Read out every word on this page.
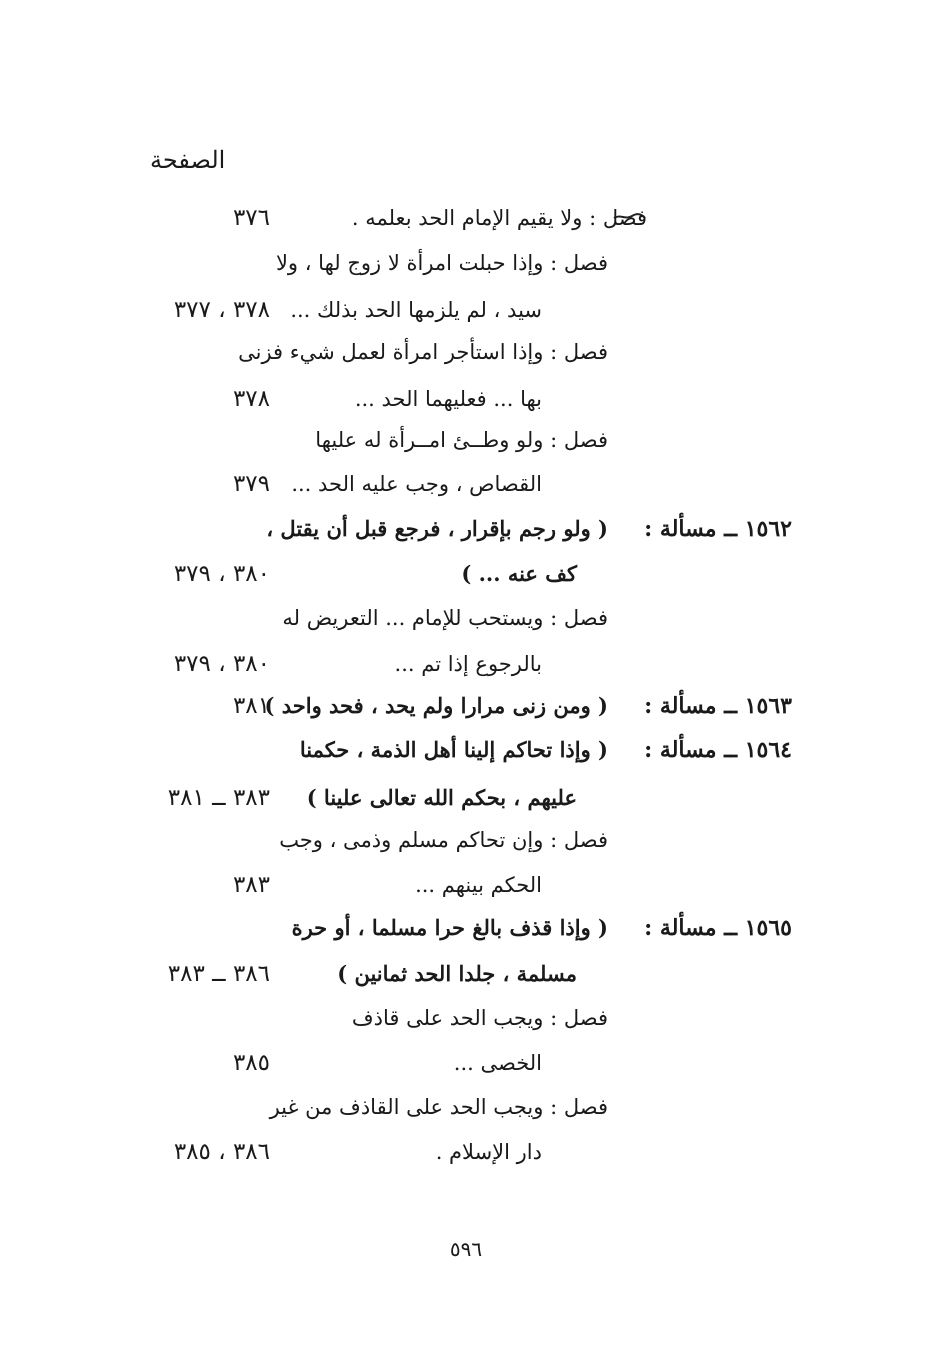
الصفحة
فصل : ولا يقيم الإمام الحد بعلمه .
٣٧٦
فصل : وإذا حبلت امرأة لا زوج لها ، ولا
سيد ، لم يلزمها الحد بذلك ...
٣٧٨ ، ٣٧٧
فصل : وإذا استأجر امرأة لعمل شيء فزنى
بها ... فعليهما الحد ...
٣٧٨
فصل : ولو وطــئ امــرأة له عليها
القصاص ، وجب عليه الحد ...
٣٧٩
١٥٦٢ ــ مسألة :
( ولو رجم بإقرار ، فرجع قبل أن يقتل ،
كف عنه ... )
٣٨٠ ، ٣٧٩
فصل : ويستحب للإمام ... التعريض له
بالرجوع إذا تم ...
٣٨٠ ، ٣٧٩
١٥٦٣ ــ مسألة :
( ومن زنى مرارا ولم يحد ، فحد واحد )
٣٨١
١٥٦٤ ــ مسألة :
( وإذا تحاكم إلينا أهل الذمة ، حكمنا
عليهم ، بحكم الله تعالى علينا )
٣٨٣ ــ ٣٨١
فصل : وإن تحاكم مسلم وذمى ، وجب
الحكم بينهم ...
٣٨٣
١٥٦٥ ــ مسألة :
( وإذا قذف بالغ حرا مسلما ، أو حرة
مسلمة ، جلدا الحد ثمانين )
٣٨٦ ــ ٣٨٣
فصل : ويجب الحد على قاذف
الخصى ...
٣٨٥
فصل : ويجب الحد على القاذف من غير
دار الإسلام .
٣٨٦ ، ٣٨٥
٥٩٦
